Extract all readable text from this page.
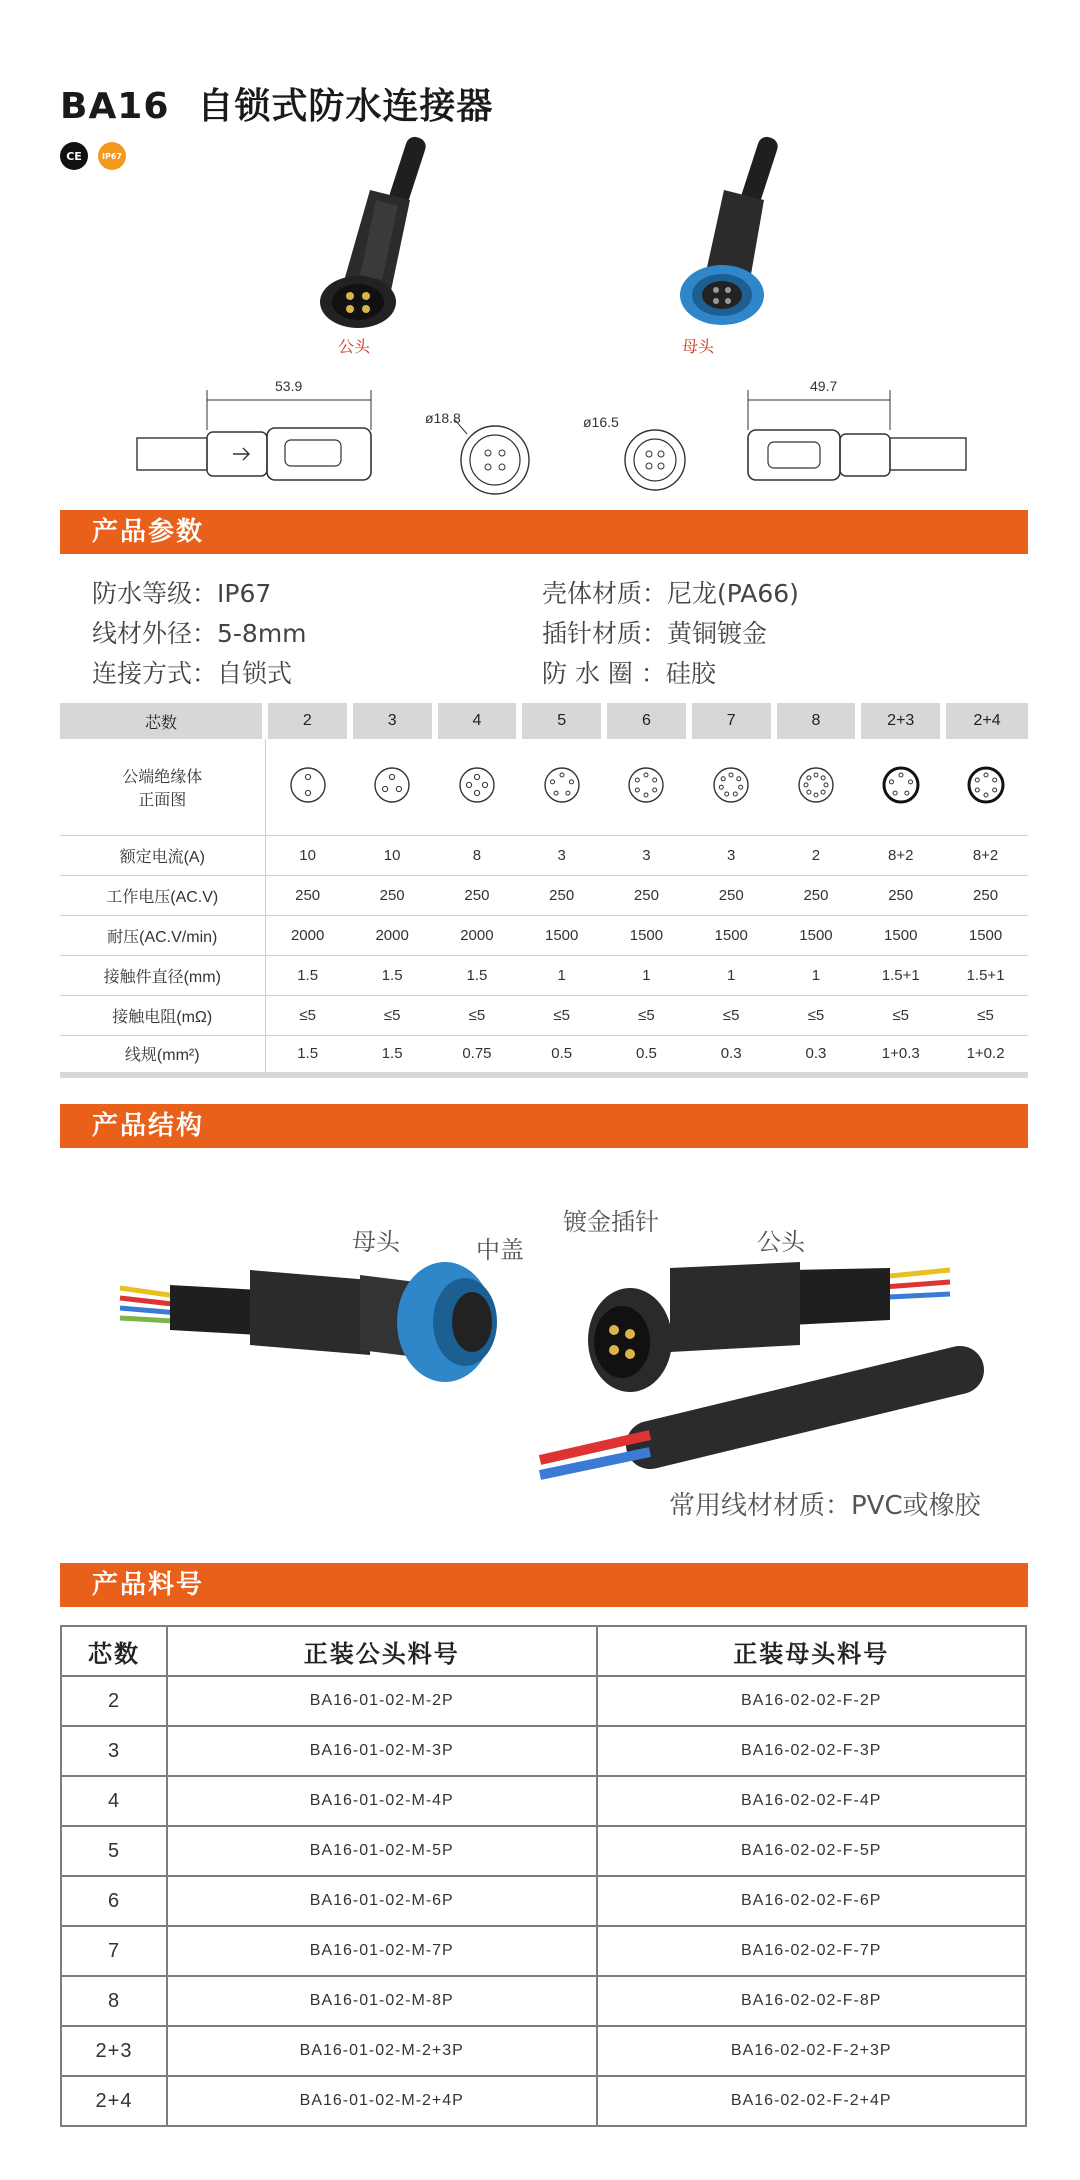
BA16 自锁式防水连接器
CE	IP67
公头	母头
53.9
ø18.8	ø16.5
49.7
产品参数
防水等级：IP67	壳体材质：尼龙(PA66)
线材外径：5-8mm	插针材质：黄铜镀金
连接方式：自锁式	防 水 圈 ：硅胶
芯数	2	3	4	5	6	7	8	2+3	2+4
公端绝缘体
正面图									
额定电流(A)	10	10	8	3	3	3	2	8+2	8+2
工作电压(AC.V)	250	250	250	250	250	250	250	250	250
耐压(AC.V/min)	2000	2000	2000	1500	1500	1500	1500	1500	1500
接触件直径(mm)	1.5	1.5	1.5	1	1	1	1	1.5+1	1.5+1
接触电阻(mΩ)	≤5	≤5	≤5	≤5	≤5	≤5	≤5	≤5	≤5
线规(mm²)	1.5	1.5	0.75	0.5	0.5	0.3	0.3	1+0.3	1+0.2
产品结构
母头	中盖
镀金插针
公头
常用线材材质：PVC或橡胶
产品料号
芯数	正装公头料号	正装母头料号
2	BA16-01-02-M-2P	BA16-02-02-F-2P
3	BA16-01-02-M-3P	BA16-02-02-F-3P
4	BA16-01-02-M-4P	BA16-02-02-F-4P
5	BA16-01-02-M-5P	BA16-02-02-F-5P
6	BA16-01-02-M-6P	BA16-02-02-F-6P
7	BA16-01-02-M-7P	BA16-02-02-F-7P
8	BA16-01-02-M-8P	BA16-02-02-F-8P
2+3	BA16-01-02-M-2+3P	BA16-02-02-F-2+3P
2+4	BA16-01-02-M-2+4P	BA16-02-02-F-2+4P
